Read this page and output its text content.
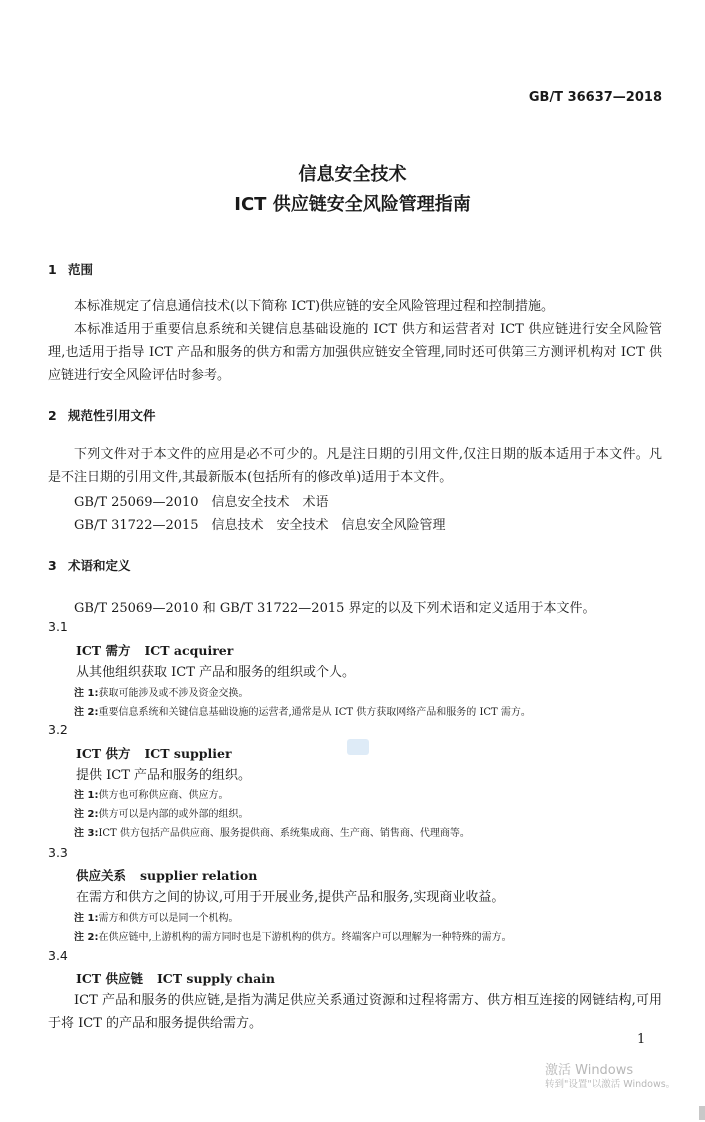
GB/T 36637—2018
信息安全技术
ICT 供应链安全风险管理指南
1 范围
本标准规定了信息通信技术(以下简称 ICT)供应链的安全风险管理过程和控制措施。
本标准适用于重要信息系统和关键信息基础设施的 ICT 供方和运营者对 ICT 供应链进行安全风险管理,也适用于指导 ICT 产品和服务的供方和需方加强供应链安全管理,同时还可供第三方测评机构对 ICT 供应链进行安全风险评估时参考。
2 规范性引用文件
下列文件对于本文件的应用是必不可少的。凡是注日期的引用文件,仅注日期的版本适用于本文件。凡是不注日期的引用文件,其最新版本(包括所有的修改单)适用于本文件。
GB/T 25069—2010　信息安全技术　术语
GB/T 31722—2015　信息技术　安全技术　信息安全风险管理
3 术语和定义
GB/T 25069—2010 和 GB/T 31722—2015 界定的以及下列术语和定义适用于本文件。
3.1
ICT 需方 ICT acquirer
从其他组织获取 ICT 产品和服务的组织或个人。
注 1:获取可能涉及或不涉及资金交换。
注 2:重要信息系统和关键信息基础设施的运营者,通常是从 ICT 供方获取网络产品和服务的 ICT 需方。
3.2
ICT 供方 ICT supplier
提供 ICT 产品和服务的组织。
注 1:供方也可称供应商、供应方。
注 2:供方可以是内部的或外部的组织。
注 3:ICT 供方包括产品供应商、服务提供商、系统集成商、生产商、销售商、代理商等。
3.3
供应关系 supplier relation
在需方和供方之间的协议,可用于开展业务,提供产品和服务,实现商业收益。
注 1:需方和供方可以是同一个机构。
注 2:在供应链中,上游机构的需方同时也是下游机构的供方。终端客户可以理解为一种特殊的需方。
3.4
ICT 供应链 ICT supply chain
ICT 产品和服务的供应链,是指为满足供应关系通过资源和过程将需方、供方相互连接的网链结构,可用于将 ICT 的产品和服务提供给需方。
1
激活 Windows
转到"设置"以激活 Windows。
